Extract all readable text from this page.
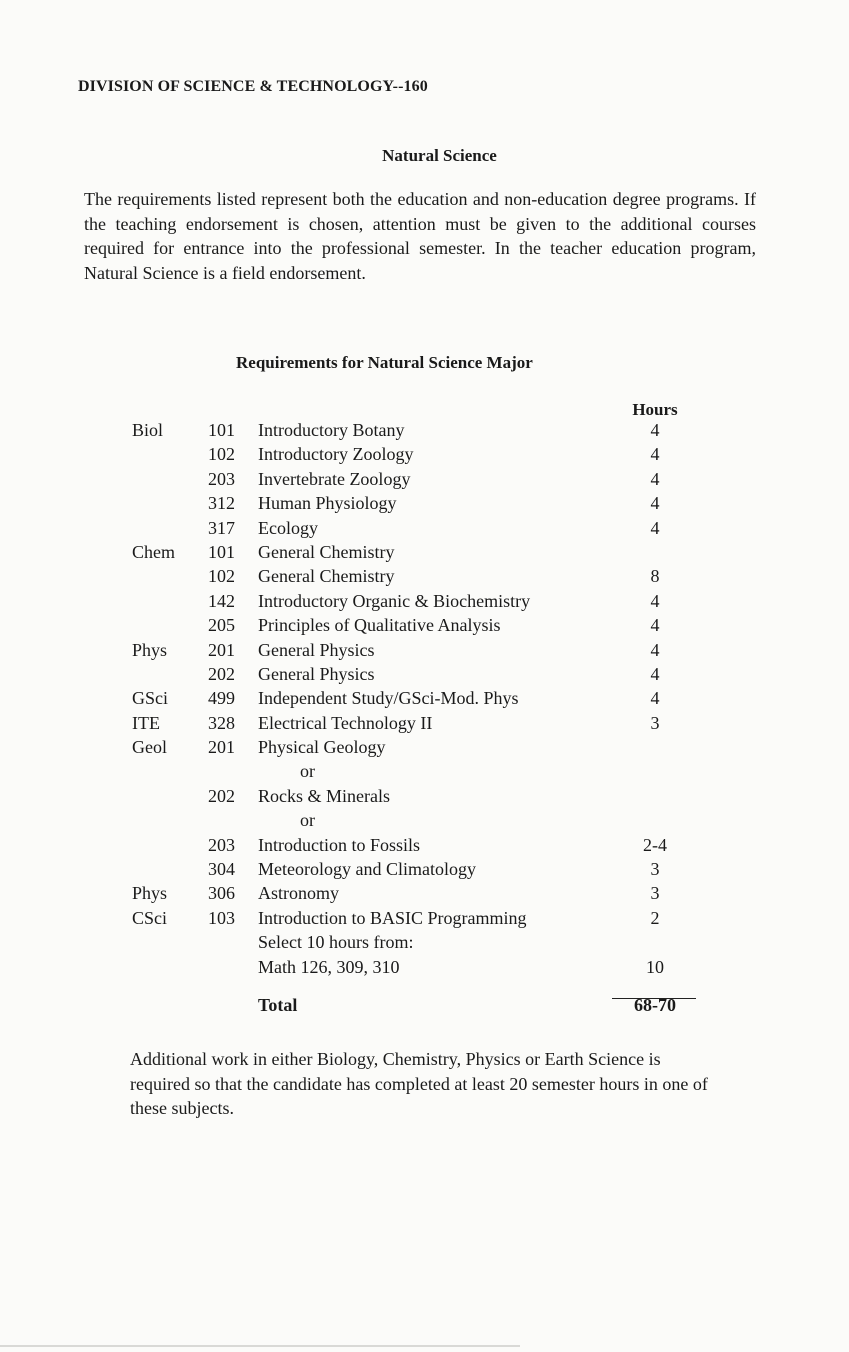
DIVISION OF SCIENCE & TECHNOLOGY--160
Natural Science

The requirements listed represent both the education and non-education degree programs. If the teaching endorsement is chosen, attention must be given to the additional courses required for entrance into the professional semester. In the teacher education program, Natural Science is a field endorsement.

Requirements for Natural Science Major
Hours
Biol 101 Introductory Botany	4
102 Introductory Zoology	4
203 Invertebrate Zoology	4
312 Human Physiology	4
317 Ecology	4
Chem 101 General Chemistry
102 General Chemistry	8
142 Introductory Organic & Biochemistry	4
205 Principles of Qualitative Analysis	4
Phys 201 General Physics	4
202 General Physics	4
GSci 499 Independent Study/GSci-Mod. Phys	4
ITE	328 Electrical Technology II	3
Geol 201 Physical Geology
or
202 Rocks & Minerals
or
203 Introduction to Fossils	2-4
304 Meteorology and Climatology	3
Phys 306 Astronomy	3
CSci 103 Introduction to BASIC Programming	2
Select 10 hours from:
Math 126, 309, 310	10
Total	68-70

Additional work in either Biology, Chemistry, Physics or Earth Science is required so that the candidate has completed at least 20 semester hours in one of these subjects.
